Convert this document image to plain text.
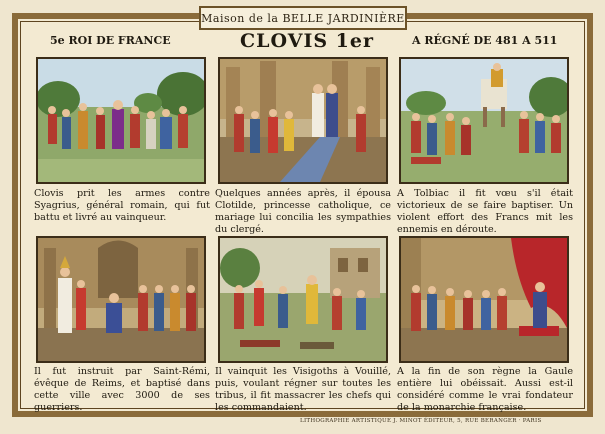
Maison de la BELLE JARDINIÈRE
5e ROI DE FRANCE	CLOVIS 1er	A RÉGNÉ DE 481 A 511
Clovis prit les armes contre Syagrius, général romain, qui fut battu et livré au vainqueur.
Quelques années après, il épousa Clotilde, princesse catholique, ce mariage lui concilia les sympathies du clergé.
A Tolbiac il fit vœu s'il était victorieux de se faire baptiser. Un violent effort des Francs mit les ennemis en déroute.
Il fut instruit par Saint-Rémi, évêque de Reims, et baptisé dans cette ville avec 3000 de ses guerriers.
Il vainquit les Visigoths à Vouillé, puis, voulant régner sur toutes les tribus, il fit massacrer les chefs qui les commandaient.
A la fin de son règne la Gaule entière lui obéissait. Aussi est-il considéré comme le vrai fondateur de la monarchie française.
LITHOGRAPHIE ARTISTIQUE J. MINOT ÉDITEUR, 5, RUE BERANGER · PARIS
